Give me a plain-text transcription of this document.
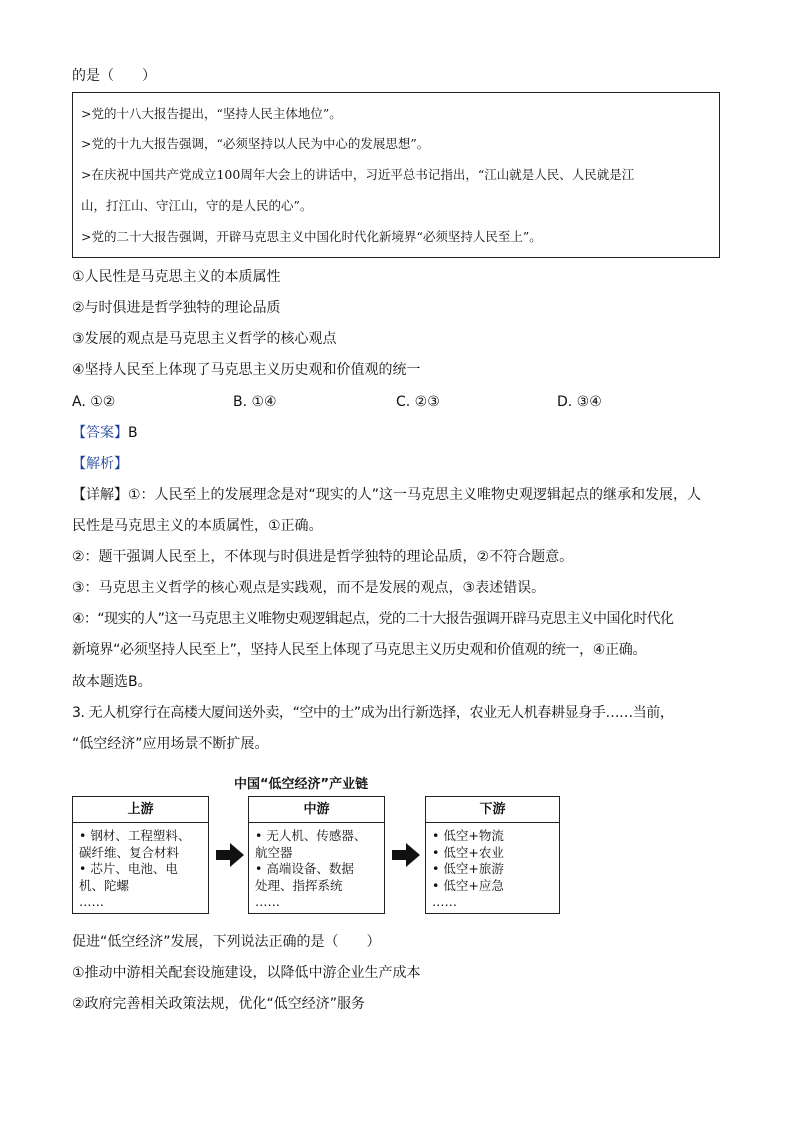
的是（　　）
>党的十八大报告提出，“坚持人民主体地位”。
>党的十九大报告强调，“必须坚持以人民为中心的发展思想”。
>在庆祝中国共产党成立100周年大会上的讲话中，习近平总书记指出，“江山就是人民、人民就是江
山，打江山、守江山，守的是人民的心”。
>党的二十大报告强调，开辟马克思主义中国化时代化新境界“必须坚持人民至上”。
①人民性是马克思主义的本质属性
②与时俱进是哲学独特的理论品质
③发展的观点是马克思主义哲学的核心观点
④坚持人民至上体现了马克思主义历史观和价值观的统一
A. ①②	B. ①④	C. ②③	D. ③④
【答案】B
【解析】
【详解】①：人民至上的发展理念是对“现实的人”这一马克思主义唯物史观逻辑起点的继承和发展，人
民性是马克思主义的本质属性，①正确。
②：题干强调人民至上，不体现与时俱进是哲学独特的理论品质，②不符合题意。
③：马克思主义哲学的核心观点是实践观，而不是发展的观点，③表述错误。
④：“现实的人”这一马克思主义唯物史观逻辑起点，党的二十大报告强调开辟马克思主义中国化时代化
新境界“必须坚持人民至上”，坚持人民至上体现了马克思主义历史观和价值观的统一，④正确。
故本题选B。
3. 无人机穿行在高楼大厦间送外卖，“空中的士”成为出行新选择，农业无人机春耕显身手……当前，
“低空经济”应用场景不断扩展。
中国“低空经济”产业链
上游
• 钢材、工程塑料、
碳纤维、复合材料
• 芯片、电池、电
机、陀螺
……
中游
• 无人机、传感器、
航空器
• 高端设备、数据
处理、指挥系统
……
下游
• 低空+物流
• 低空+农业
• 低空+旅游
• 低空+应急
……
促进“低空经济”发展，下列说法正确的是（　　）
①推动中游相关配套设施建设，以降低中游企业生产成本
②政府完善相关政策法规，优化“低空经济”服务
